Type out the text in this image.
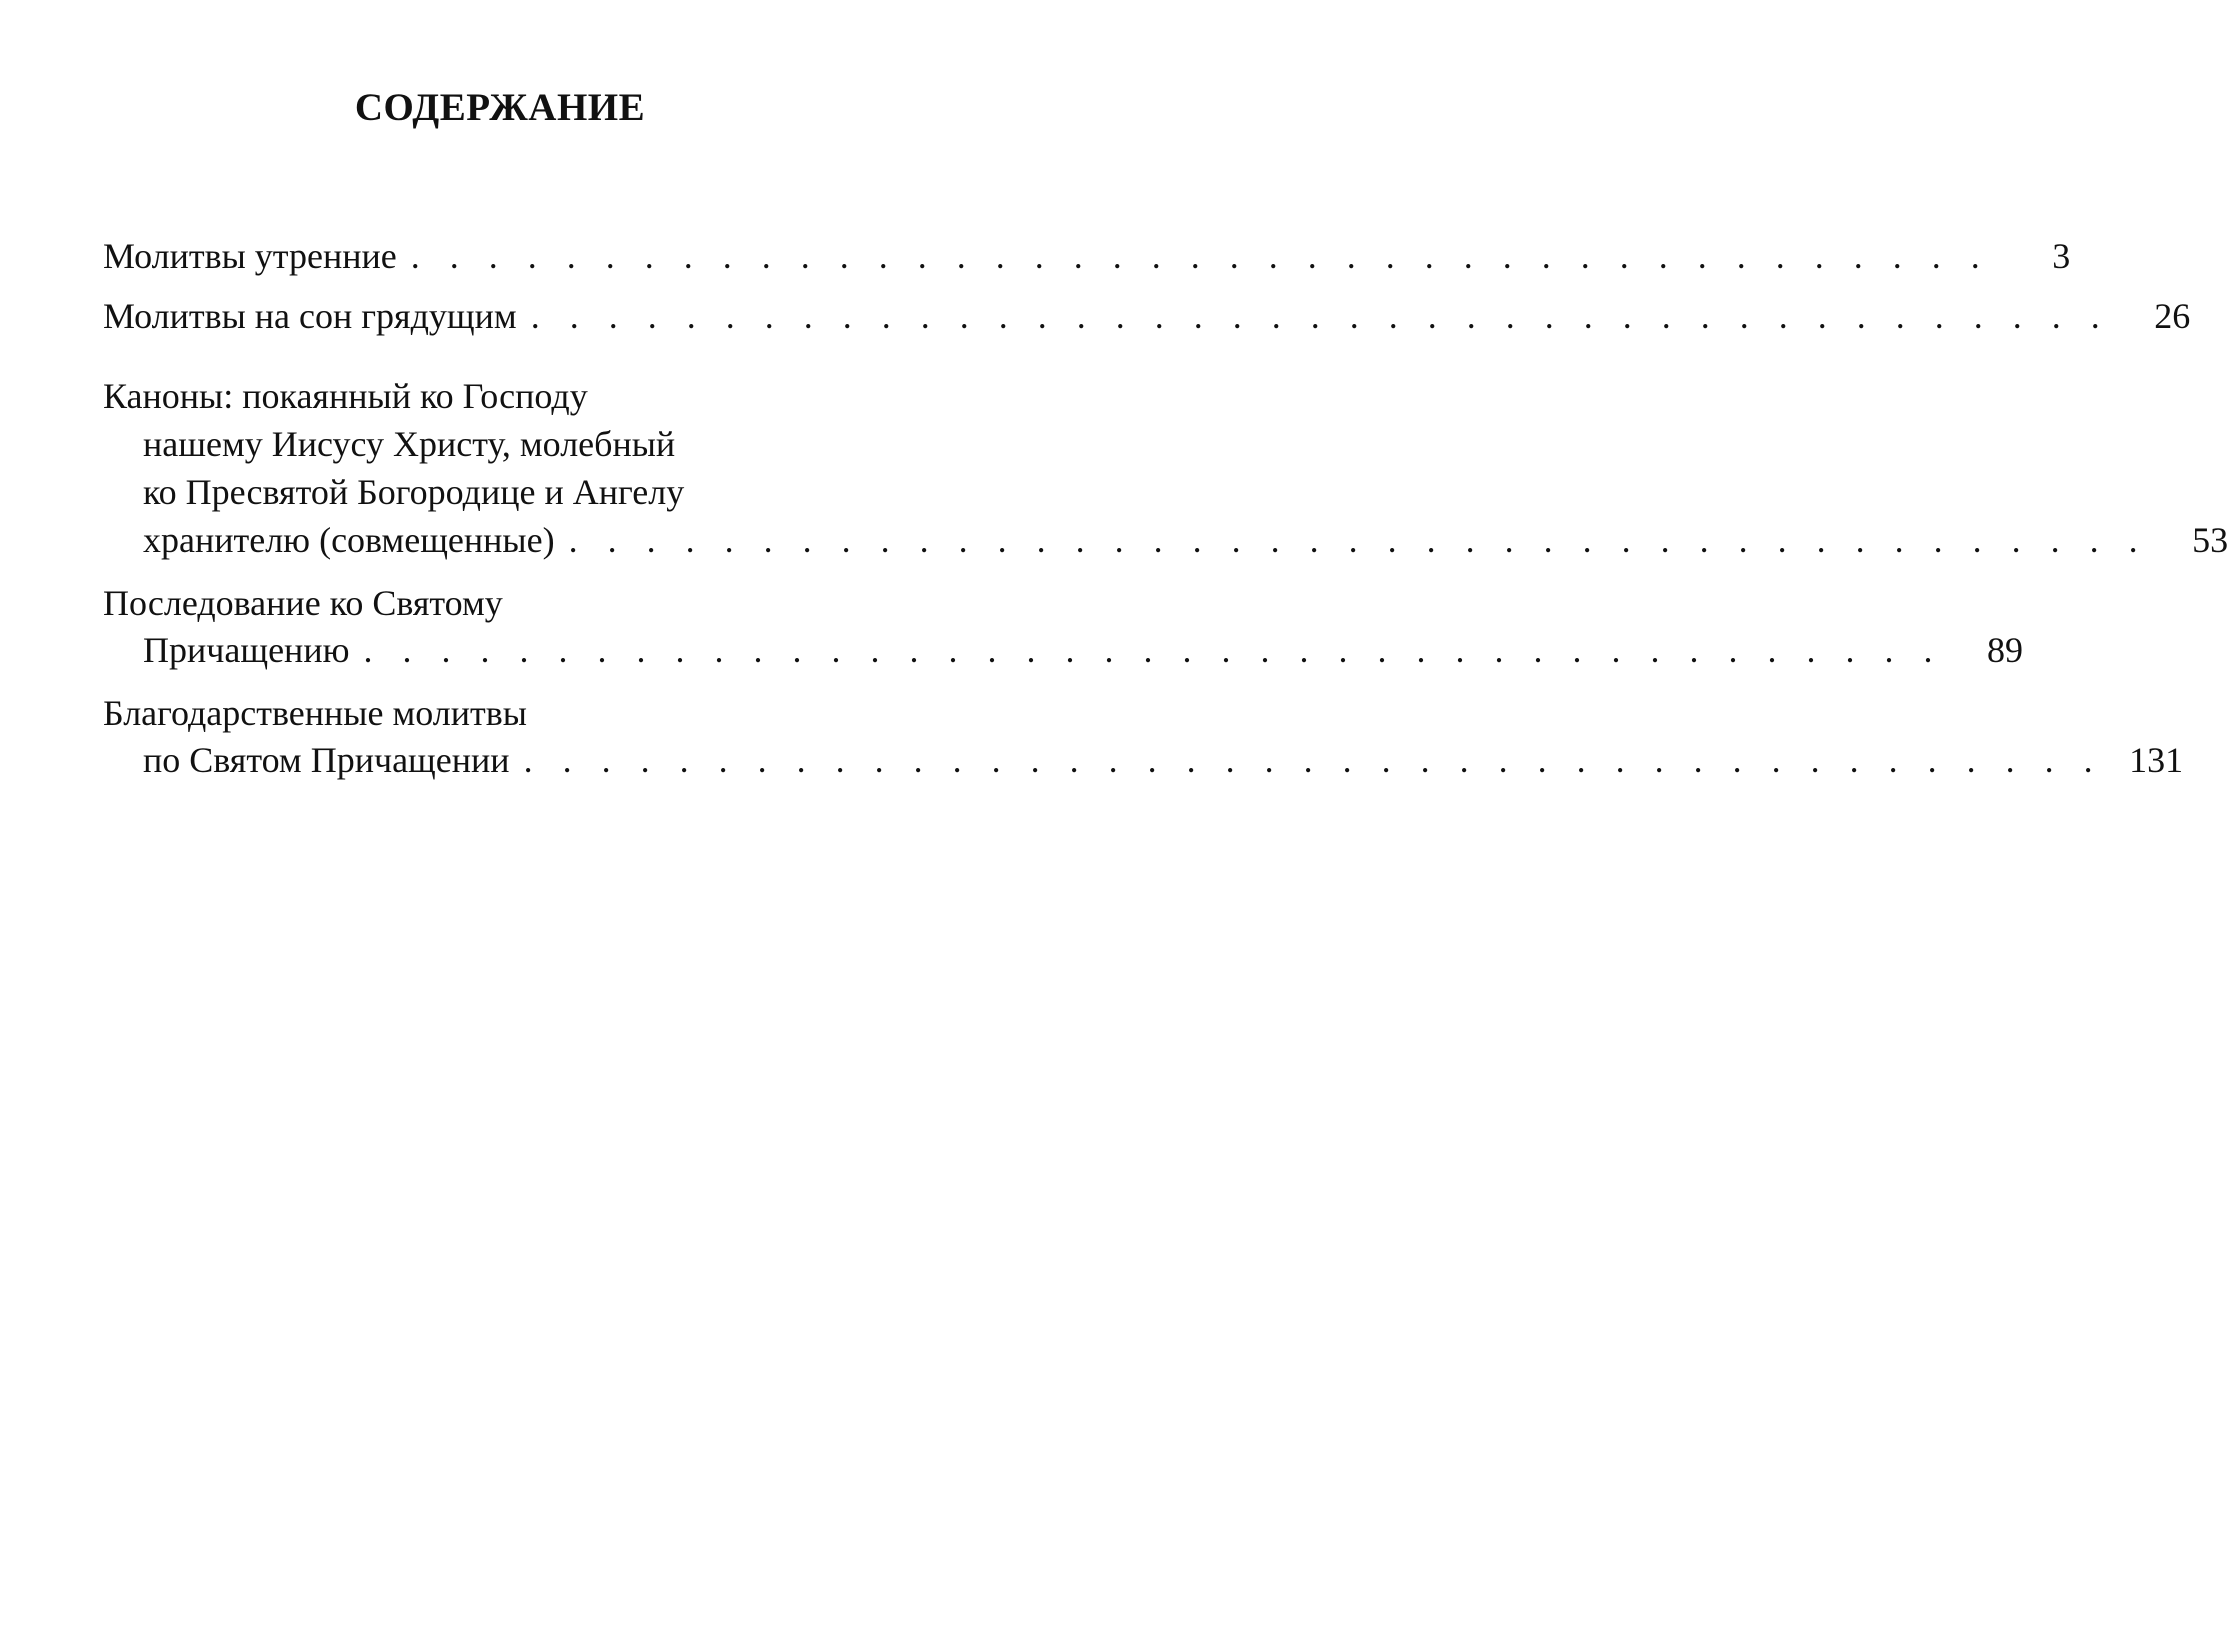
СОДЕРЖАНИЕ
Молитвы утренние . . . . . . . . . . . . . . . . . . . . . . . . . . . . . . . . . . . . . . . . .	3
Молитвы на сон грядущим . . . . . . . . . . . . . . . . . . . . . . . . . . . . . . . . . . . . . . . . .	26
Каноны: покаянный ко Господу
нашему Иисусу Христу, молебный
ко Пресвятой Богородице и Ангелу
хранителю (совмещенные) . . . . . . . . . . . . . . . . . . . . . . . . . . . . . . . . . . . . . . . . .	53
Последование ко Святому
Причащению . . . . . . . . . . . . . . . . . . . . . . . . . . . . . . . . . . . . . . . . .	89
Благодарственные молитвы
по Святом Причащении . . . . . . . . . . . . . . . . . . . . . . . . . . . . . . . . . . . . . . . . . 131
